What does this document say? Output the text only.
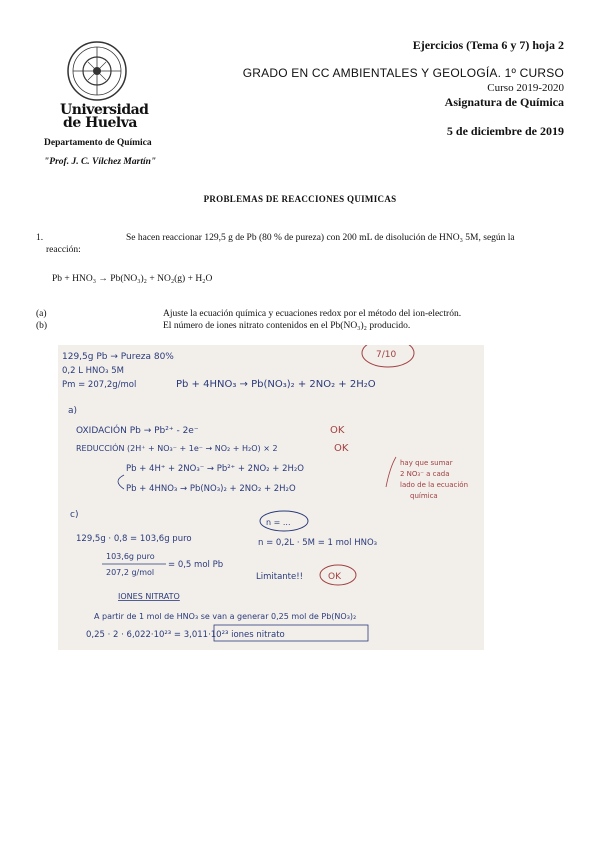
Universidad
de Huelva
Departamento de Química
"Prof. J. C. Vílchez Martín"
Ejercicios (Tema 6 y 7) hoja 2
GRADO EN CC AMBIENTALES Y GEOLOGÍA. 1º CURSO
Curso 2019-2020
Asignatura de Química
5 de diciembre de 2019
PROBLEMAS DE REACCIONES QUIMICAS
1.	Se hacen reaccionar 129,5 g de Pb (80 % de pureza) con 200 mL de disolución de HNO₃ 5M, según la
reacción:
Pb + HNO₃ → Pb(NO₃)₂ + NO₂(g) + H₂O
(a)	Ajuste la ecuación química y ecuaciones redox por el método del ion-electrón.
(b)	El número de iones nitrato contenidos en el Pb(NO₃)₂ producido.
129,5g Pb → Pureza 80%
0,2 L HNO₃ 5M
Pm = 207,2g/mol	Pb + 4HNO₃ → Pb(NO₃)₂ + 2NO₂ + 2H₂O
7/10
a)
OXIDACIÓN Pb → Pb²⁺ - 2e⁻	OK
REDUCCIÓN (2H⁺ + NO₃⁻ + 1e⁻ → NO₂ + H₂O) × 2	OK
Pb + 4H⁺ + 2NO₃⁻ → Pb²⁺ + 2NO₂ + 2H₂O
Pb + 4HNO₃ → Pb(NO₃)₂ + 2NO₂ + 2H₂O
hay que sumar
2 NO₃⁻ a cada
lado de la ecuación
química
c)
n = ...
129,5g · 0,8 = 103,6g puro	n = 0,2L · 5M = 1 mol HNO₃
103,6g puro
207,2 g/mol
= 0,5 mol Pb
Limitante!!	OK
IONES NITRATO
A partir de 1 mol de HNO₃ se van a generar 0,25 mol de Pb(NO₃)₂
0,25 · 2 · 6,022·10²³ = 3,011·10²³ iones nitrato
